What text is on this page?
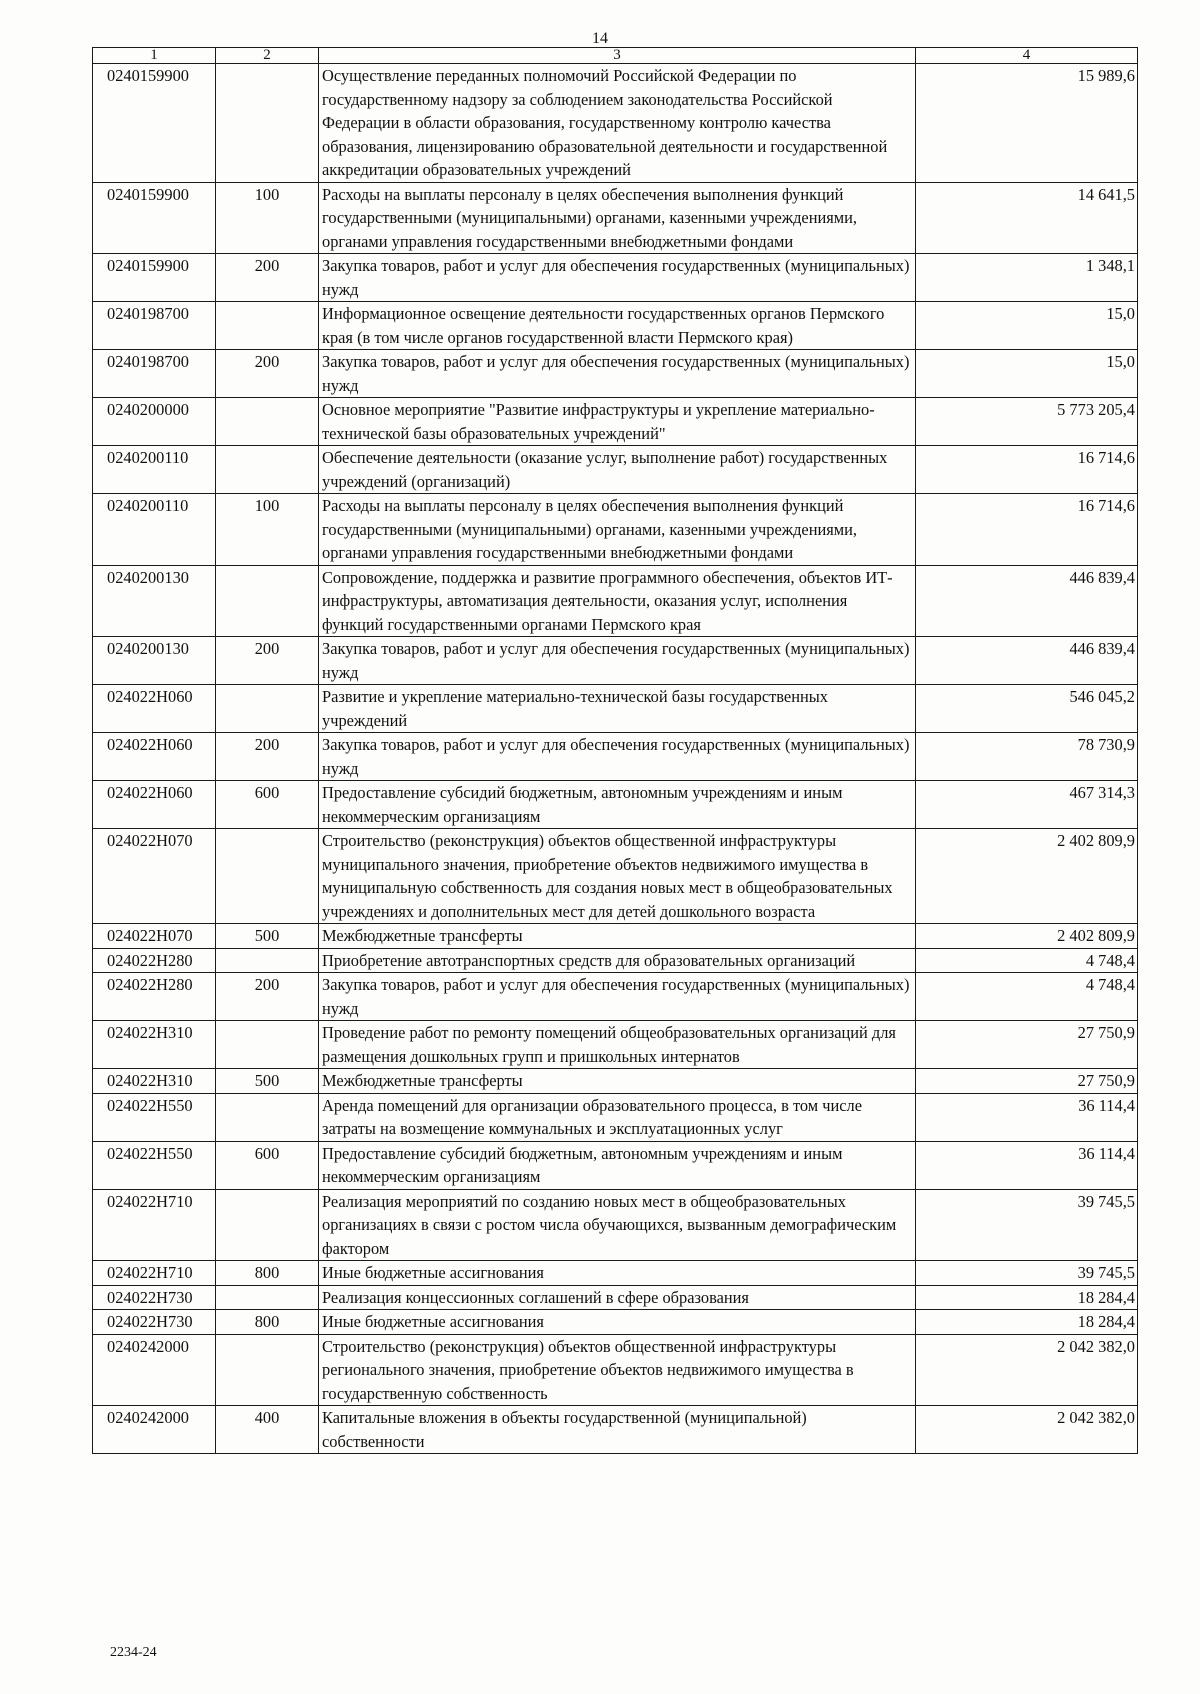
14
1	2	3	4
0240159900		Осуществление переданных полномочий Российской Федерации по государственному надзору за соблюдением законодательства Российской Федерации в области образования, государственному контролю качества образования, лицензированию образовательной деятельности и государственной аккредитации образовательных учреждений	15 989,6
0240159900	100	Расходы на выплаты персоналу в целях обеспечения выполнения функций государственными (муниципальными) органами, казенными учреждениями, органами управления государственными внебюджетными фондами	14 641,5
0240159900	200	Закупка товаров, работ и услуг для обеспечения государственных (муниципальных) нужд	1 348,1
0240198700		Информационное освещение деятельности государственных органов Пермского края (в том числе органов государственной власти Пермского края)	15,0
0240198700	200	Закупка товаров, работ и услуг для обеспечения государственных (муниципальных) нужд	15,0
0240200000		Основное мероприятие "Развитие инфраструктуры и укрепление материально-технической базы образовательных учреждений"	5 773 205,4
0240200110		Обеспечение деятельности (оказание услуг, выполнение работ) государственных учреждений (организаций)	16 714,6
0240200110	100	Расходы на выплаты персоналу в целях обеспечения выполнения функций государственными (муниципальными) органами, казенными учреждениями, органами управления государственными внебюджетными фондами	16 714,6
0240200130		Сопровождение, поддержка и развитие программного обеспечения, объектов ИТ-инфраструктуры, автоматизация деятельности, оказания услуг, исполнения функций государственными органами Пермского края	446 839,4
0240200130	200	Закупка товаров, работ и услуг для обеспечения государственных (муниципальных) нужд	446 839,4
024022Н060		Развитие и укрепление материально-технической базы государственных учреждений	546 045,2
024022Н060	200	Закупка товаров, работ и услуг для обеспечения государственных (муниципальных) нужд	78 730,9
024022Н060	600	Предоставление субсидий бюджетным, автономным учреждениям и иным некоммерческим организациям	467 314,3
024022Н070		Строительство (реконструкция) объектов общественной инфраструктуры муниципального значения, приобретение объектов недвижимого имущества в муниципальную собственность для создания новых мест в общеобразовательных учреждениях и дополнительных мест для детей дошкольного возраста	2 402 809,9
024022Н070	500	Межбюджетные трансферты	2 402 809,9
024022Н280		Приобретение автотранспортных средств для образовательных организаций	4 748,4
024022Н280	200	Закупка товаров, работ и услуг для обеспечения государственных (муниципальных) нужд	4 748,4
024022Н310		Проведение работ по ремонту помещений общеобразовательных организаций для размещения дошкольных групп и пришкольных интернатов	27 750,9
024022Н310	500	Межбюджетные трансферты	27 750,9
024022Н550		Аренда помещений для организации образовательного процесса, в том числе затраты на возмещение коммунальных и эксплуатационных услуг	36 114,4
024022Н550	600	Предоставление субсидий бюджетным, автономным учреждениям и иным некоммерческим организациям	36 114,4
024022Н710		Реализация мероприятий по созданию новых мест в общеобразовательных организациях в связи с ростом числа обучающихся, вызванным демографическим фактором	39 745,5
024022Н710	800	Иные бюджетные ассигнования	39 745,5
024022Н730		Реализация концессионных соглашений в сфере образования	18 284,4
024022Н730	800	Иные бюджетные ассигнования	18 284,4
0240242000		Строительство (реконструкция) объектов общественной инфраструктуры регионального значения, приобретение объектов недвижимого имущества в государственную собственность	2 042 382,0
0240242000	400	Капитальные вложения в объекты государственной (муниципальной) собственности	2 042 382,0
2234-24
